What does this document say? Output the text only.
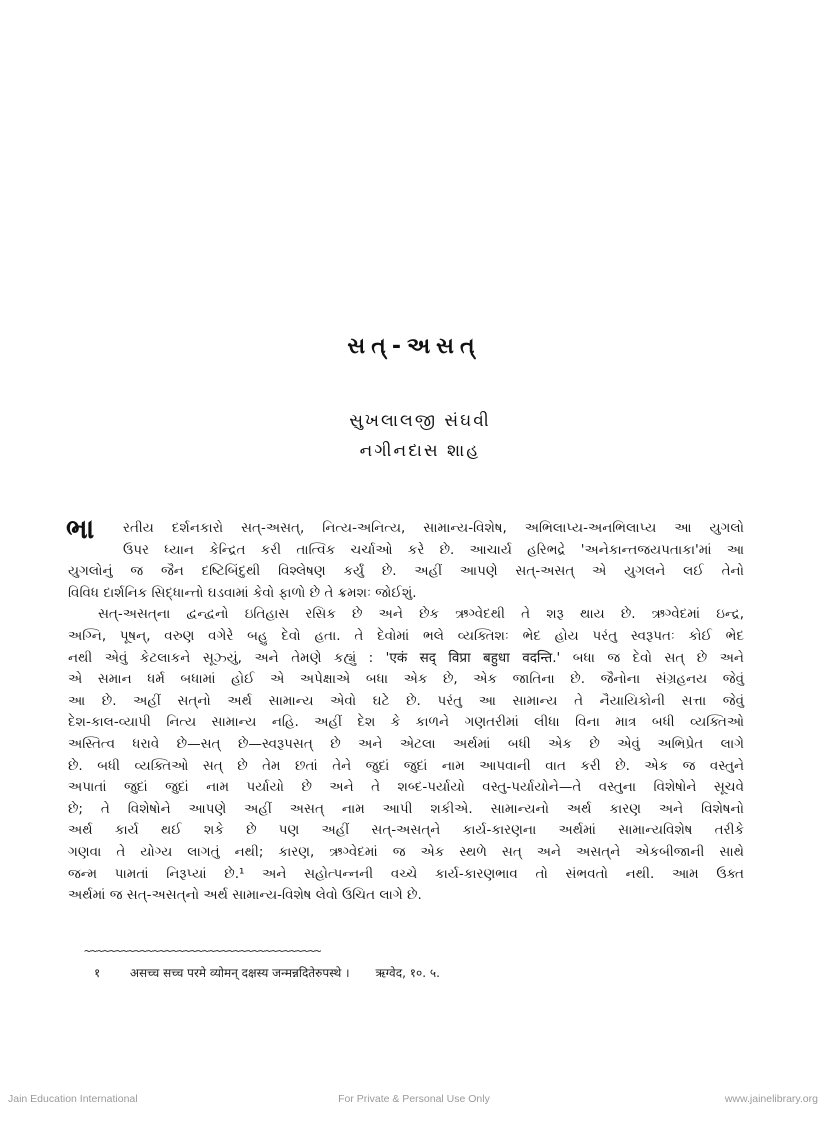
સત્-અસત્
સુખલાલજી સંઘવી
નગીનદાસ શાહ
ભા રતીય દર્શનકારો સત્-અસત્, નિત્ય-અનિત્ય, સામાન્ય-વિશેષ, અભિલાપ્ય-અનભિલાપ્ય આ યુગલો
ઉપર ધ્યાન કેન્દ્રિત કરી તાત્વિક ચર્ચાઓ કરે છે. આચાર્ય હરિભદ્રે 'અનેકાન્તજયપતાકા'માં આ
યુગલોનું જ જૈન દષ્ટિબિંદુથી વિશ્લેષણ કર્યું છે. અહીં આપણે સત્-અસત્ એ યુગલને લઈ તેનો
વિવિધ દાર્શનિક સિદ્ધાન્તો ઘડવામાં કેવો ફાળો છે તે ક્રમશઃ જોઈશું.
સત્-અસત્‌ના દ્વન્દ્વનો ઇતિહાસ રસિક છે અને છેક ઋગ્વેદથી તે શરૂ થાય છે. ઋગ્વેદમાં ઇન્દ્ર,
અગ્નિ, પૂષન્, વરુણ વગેરે બહુ દેવો હતા. તે દેવોમાં ભલે વ્યક્તિશઃ ભેદ હોય પરંતુ સ્વરૂપતઃ કોઈ ભેદ
નથી એવું કેટલાકને સૂઝ્યું, અને તેમણે કહ્યું : 'एकं सद् विप्रा बहुधा वदन्ति.' બધા જ દેવો સત્ છે અને
એ સમાન ધર્મ બધામાં હોઈ એ અપેક્ષાએ બધા એક છે, એક જાતિના છે. જૈનોના સંગ્રહનય જેવું
આ છે. અહીં સત્‌નો અર્થ સામાન્ય એવો ઘટે છે. પરંતુ આ સામાન્ય તે નૈયાયિકોની સત્તા જેવું
દેશ-કાલ-વ્યાપી નિત્ય સામાન્ય નહિ. અહીં દેશ કે કાળને ગણતરીમાં લીધા વિના માત્ર બધી વ્યક્તિઓ
અસ્તિત્વ ધરાવે છે—સત્ છે—સ્વરૂપસત્ છે અને એટલા અર્થમાં બધી એક છે એવું અભિપ્રેત લાગે
છે. બધી વ્યક્તિઓ સત્ છે તેમ છતાં તેને જુદાં જુદાં નામ આપવાની વાત કરી છે. એક જ વસ્તુને
અપાતાં જુદાં જુદાં નામ પર્યાયો છે અને તે શબ્દ-પર્યાયો વસ્તુ-પર્યાયોને—તે વસ્તુના વિશેષોને સૂચવે
છે; તે વિશેષોને આપણે અહીં અસત્ નામ આપી શકીએ. સામાન્યનો અર્થ કારણ અને વિશેષનો
અર્થ કાર્ય થઈ શકે છે પણ અહીં સત્-અસત્‌ને કાર્ય-કારણના અર્થમાં સામાન્યવિશેષ તરીકે
ગણવા તે યોગ્ય લાગતું નથી; કારણ, ઋગ્વેદમાં જ એક સ્થળે સત્ અને અસત્‌ને એકબીજાની સાથે
જન્મ પામતાં નિરૂપ્યાં છે.¹ અને સહોત્પન્નની વચ્ચે કાર્ય-કારણભાવ તો સંભવતો નથી. આમ ઉક્ત
અર્થમાં જ સત્-અસત્‌નો અર્થ સામાન્ય-વિશેષ લેવો ઉચિત લાગે છે.
~~~~~~~~~~~~~~~~~~~~~~~~~~~~~~~~~~~~~~
१ असच्च सच्च परमे व्योमन् दक्षस्य जन्मन्नदितेरुपस्थे । ऋग्वेद, १०. ५.
Jain Education International	For Private & Personal Use Only	www.jainelibrary.org
